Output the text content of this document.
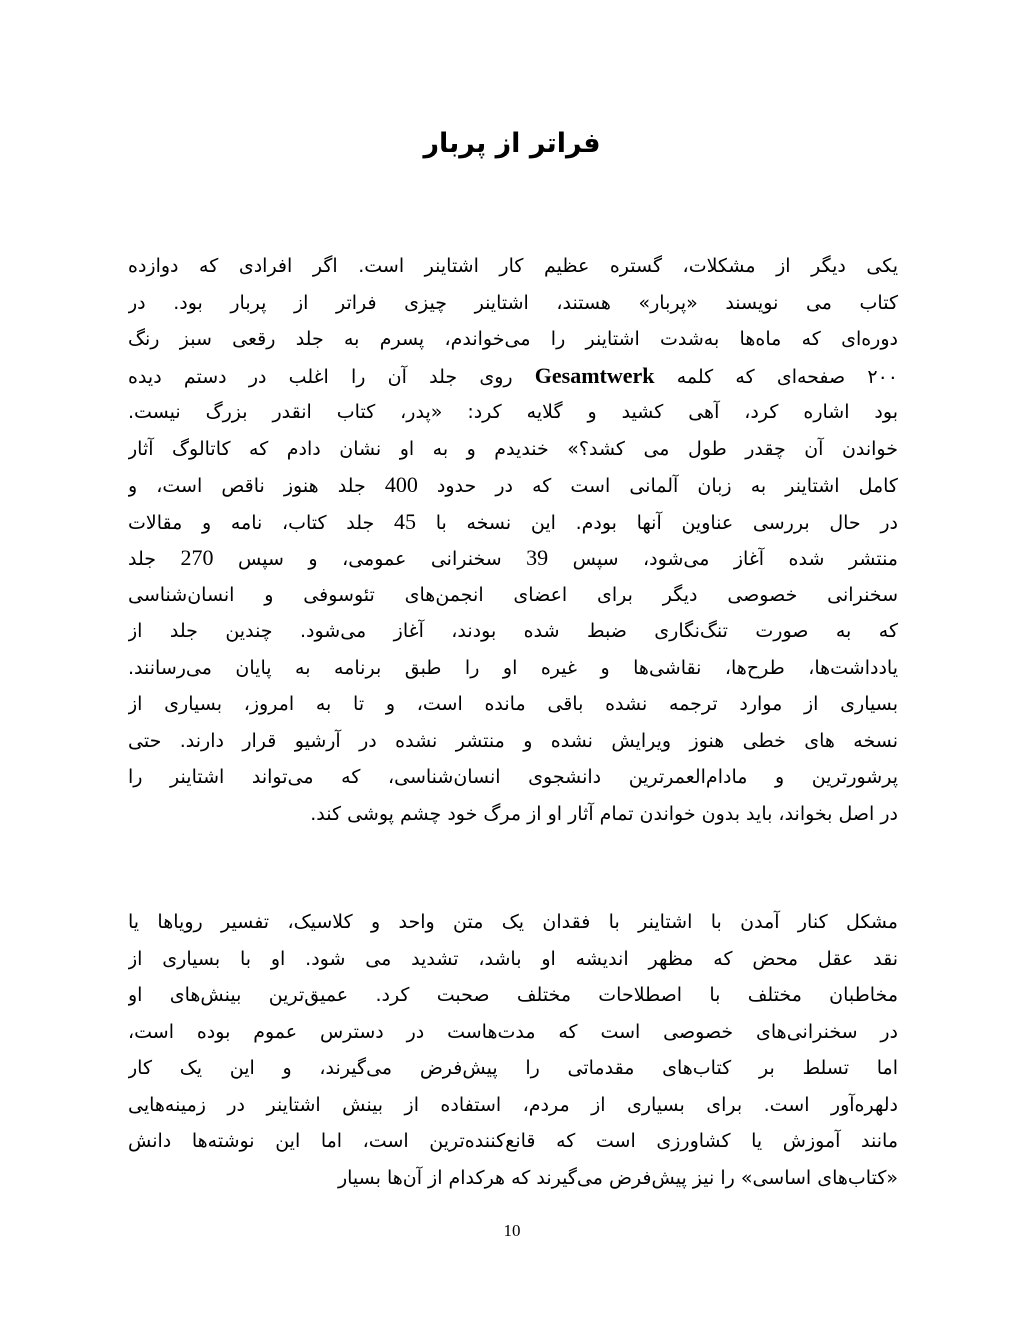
فراتر از پربار
یکی دیگر از مشکلات، گستره عظیم کار اشتاینر است. اگر افرادی که دوازده
کتاب می نویسند «پربار» هستند، اشتاینر چیزی فراتر از پربار بود. در
دوره‌ای که ماه‌ها به‌شدت اشتاینر را می‌خواندم، پسرم به جلد رقعی سبز رنگ
۲۰۰ صفحه‌ای که کلمه Gesamtwerk روی جلد آن را اغلب در دستم دیده
بود اشاره کرد، آهی کشید و گلایه کرد: «پدر، کتاب انقدر بزرگ نیست.
خواندن آن چقدر طول می کشد؟» خندیدم و به او نشان دادم که کاتالوگ آثار
کامل اشتاینر به زبان آلمانی است که در حدود 400 جلد هنوز ناقص است، و
در حال بررسی عناوین آنها بودم. این نسخه با 45 جلد کتاب، نامه و مقالات
منتشر شده آغاز می‌شود، سپس 39 سخنرانی عمومی، و سپس 270 جلد
سخنرانی خصوصی دیگر برای اعضای انجمن‌های تئوسوفی و انسان‌شناسی
که به صورت تنگ‌نگاری ضبط شده بودند، آغاز می‌شود. چندین جلد از
یادداشت‌ها، طرح‌ها، نقاشی‌ها و غیره او را طبق برنامه به پایان می‌رسانند.
بسیاری از موارد ترجمه نشده باقی مانده است، و تا به امروز، بسیاری از
نسخه های خطی هنوز ویرایش نشده و منتشر نشده در آرشیو قرار دارند. حتی
پرشورترین و مادام‌العمرترین دانشجوی انسان‌شناسی، که می‌تواند اشتاینر را
در اصل بخواند، باید بدون خواندن تمام آثار او از مرگ خود چشم پوشی کند.
مشکل کنار آمدن با اشتاینر با فقدان یک متن واحد و کلاسیک، تفسیر رویاها یا
نقد عقل محض که مظهر اندیشه او باشد، تشدید می شود. او با بسیاری از
مخاطبان مختلف با اصطلاحات مختلف صحبت کرد. عمیق‌ترین بینش‌های او
در سخنرانی‌های خصوصی است که مدت‌هاست در دسترس عموم بوده است،
اما تسلط بر کتاب‌های مقدماتی را پیش‌فرض می‌گیرند، و این یک کار
دلهره‌آور است. برای بسیاری از مردم، استفاده از بینش اشتاینر در زمینه‌هایی
مانند آموزش یا کشاورزی است که قانع‌کننده‌ترین است، اما این نوشته‌ها دانش
«کتاب‌های اساسی» را نیز پیش‌فرض می‌گیرند که هرکدام از آن‌ها بسیار
10
